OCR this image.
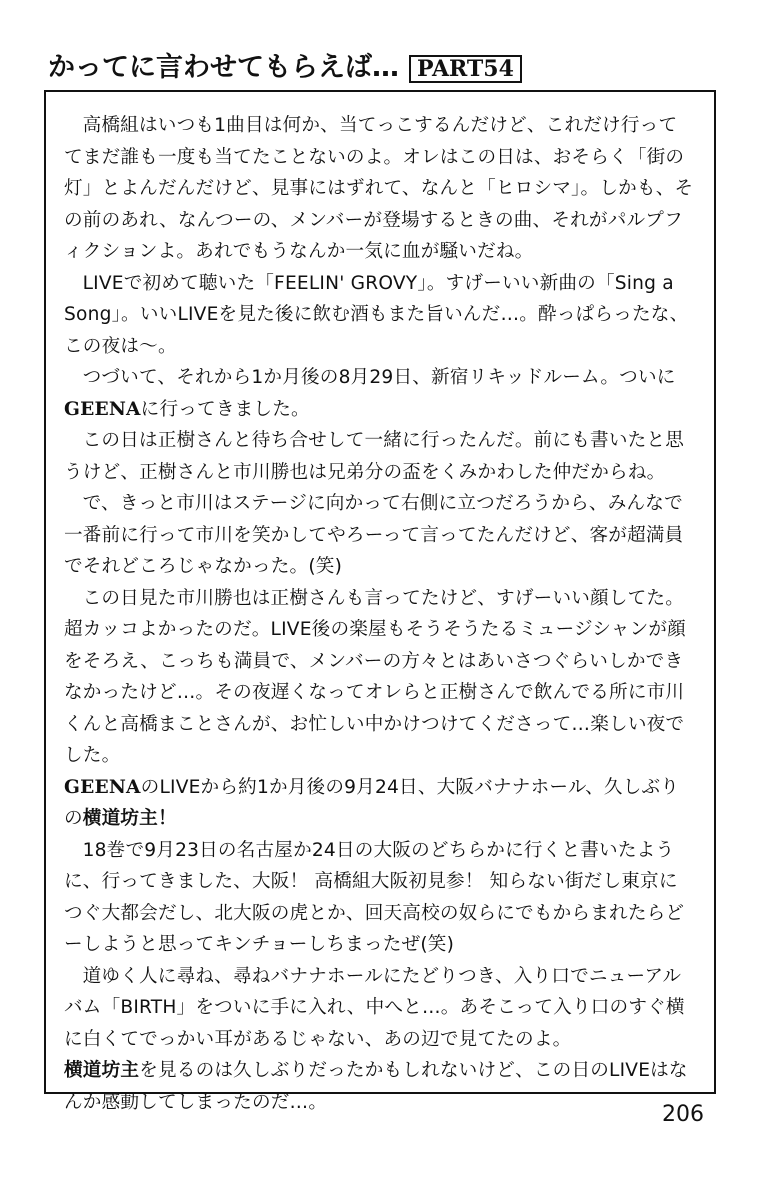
かってに言わせてもらえば… PART54

高橋組はいつも1曲目は何か、当てっこするんだけど、これだけ行っててまだ誰も一度も当てたことないのよ。オレはこの日は、おそらく「街の灯」とよんだんだけど、見事にはずれて、なんと「ヒロシマ」。しかも、その前のあれ、なんつーの、メンバーが登場するときの曲、それがパルプフィクションよ。あれでもうなんか一気に血が騒いだね。

LIVEで初めて聴いた「FEELIN' GROVY」。すげーいい新曲の「Sing a Song」。いいLIVEを見た後に飲む酒もまた旨いんだ…。酔っぱらったな、この夜は〜。

つづいて、それから1か月後の8月29日、新宿リキッドルーム。ついにGEENAに行ってきました。

この日は正樹さんと待ち合せして一緒に行ったんだ。前にも書いたと思うけど、正樹さんと市川勝也は兄弟分の盃をくみかわした仲だからね。

で、きっと市川はステージに向かって右側に立つだろうから、みんなで一番前に行って市川を笑かしてやろーって言ってたんだけど、客が超満員でそれどころじゃなかった。(笑)

この日見た市川勝也は正樹さんも言ってたけど、すげーいい顔してた。超カッコよかったのだ。LIVE後の楽屋もそうそうたるミュージシャンが顔をそろえ、こっちも満員で、メンバーの方々とはあいさつぐらいしかできなかったけど…。その夜遅くなってオレらと正樹さんで飲んでる所に市川くんと高橋まことさんが、お忙しい中かけつけてくださって…楽しい夜でした。

GEENAのLIVEから約1か月後の9月24日、大阪バナナホール、久しぶりの横道坊主！

18巻で9月23日の名古屋か24日の大阪のどちらかに行くと書いたように、行ってきました、大阪！ 高橋組大阪初見参！ 知らない街だし東京につぐ大都会だし、北大阪の虎とか、回天高校の奴らにでもからまれたらどーしようと思ってキンチョーしちまったぜ(笑)

道ゆく人に尋ね、尋ねバナナホールにたどりつき、入り口でニューアルバム「BIRTH」をついに手に入れ、中へと…。あそこって入り口のすぐ横に白くてでっかい耳があるじゃない、あの辺で見てたのよ。

横道坊主を見るのは久しぶりだったかもしれないけど、この日のLIVEはなんか感動してしまったのだ…。	206
